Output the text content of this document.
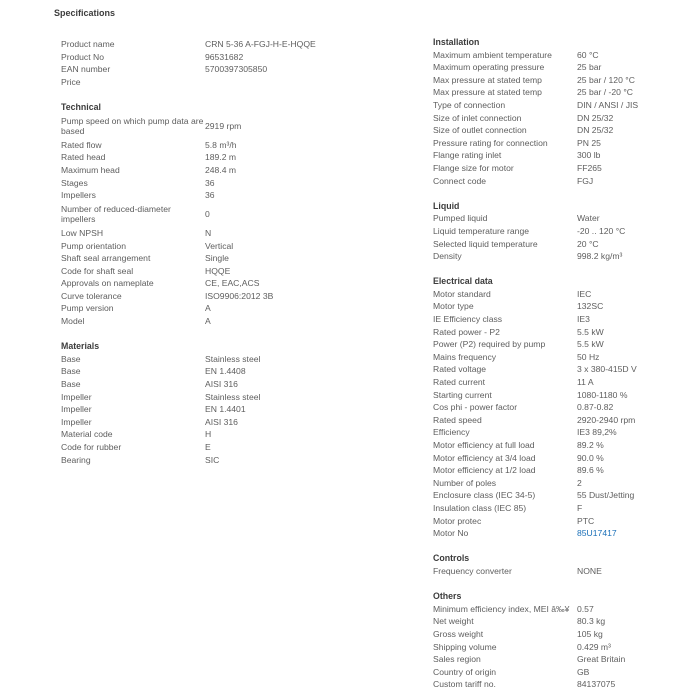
Specifications
Product name	CRN 5-36 A-FGJ-H-E-HQQE
Product No	96531682
EAN number	5700397305850
Price
Technical
Pump speed on which pump data are based	2919 rpm
Rated flow	5.8 m³/h
Rated head	189.2 m
Maximum head	248.4 m
Stages	36
Impellers	36
Number of reduced-diameter impellers	0
Low NPSH	N
Pump orientation	Vertical
Shaft seal arrangement	Single
Code for shaft seal	HQQE
Approvals on nameplate	CE, EAC,ACS
Curve tolerance	ISO9906:2012 3B
Pump version	A
Model	A
Materials
Base	Stainless steel
Base	EN 1.4408
Base	AISI 316
Impeller	Stainless steel
Impeller	EN 1.4401
Impeller	AISI 316
Material code	H
Code for rubber	E
Bearing	SIC
Installation
Maximum ambient temperature	60 °C
Maximum operating pressure	25 bar
Max pressure at stated temp	25 bar / 120 °C
Max pressure at stated temp	25 bar / -20 °C
Type of connection	DIN / ANSI / JIS
Size of inlet connection	DN 25/32
Size of outlet connection	DN 25/32
Pressure rating for connection	PN 25
Flange rating inlet	300 lb
Flange size for motor	FF265
Connect code	FGJ
Liquid
Pumped liquid	Water
Liquid temperature range	-20 .. 120 °C
Selected liquid temperature	20 °C
Density	998.2 kg/m³
Electrical data
Motor standard	IEC
Motor type	132SC
IE Efficiency class	IE3
Rated power - P2	5.5 kW
Power (P2) required by pump	5.5 kW
Mains frequency	50 Hz
Rated voltage	3 x 380-415D V
Rated current	11 A
Starting current	1080-1180 %
Cos phi - power factor	0.87-0.82
Rated speed	2920-2940 rpm
Efficiency	IE3 89,2%
Motor efficiency at full load	89.2 %
Motor efficiency at 3/4 load	90.0 %
Motor efficiency at 1/2 load	89.6 %
Number of poles	2
Enclosure class (IEC 34-5)	55 Dust/Jetting
Insulation class (IEC 85)	F
Motor protec	PTC
Motor No	85U17417
Controls
Frequency converter	NONE
Others
Minimum efficiency index, MEI â‰¥ 0.57
Net weight	80.3 kg
Gross weight	105 kg
Shipping volume	0.429 m³
Sales region	Great Britain
Country of origin	GB
Custom tariff no.	84137075
